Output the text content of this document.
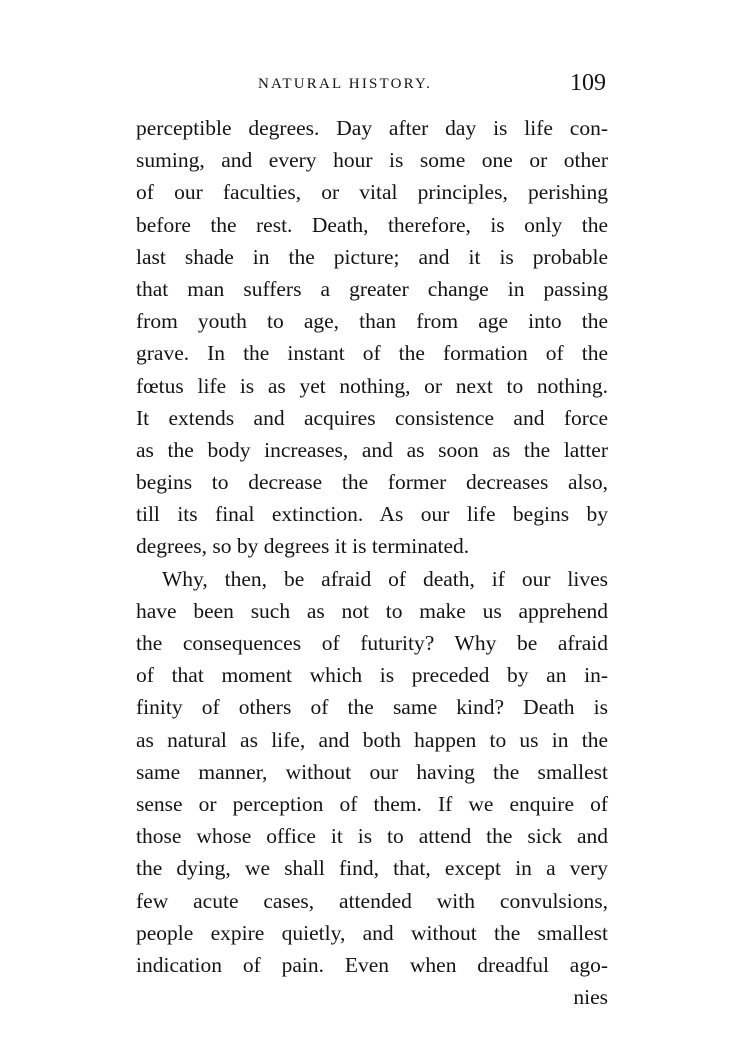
NATURAL HISTORY.	109
perceptible degrees. Day after day is life con-
suming, and every hour is some one or other
of our faculties, or vital principles, perishing
before the rest. Death, therefore, is only the
last shade in the picture; and it is probable
that man suffers a greater change in passing
from youth to age, than from age into the
grave. In the instant of the formation of the
fœtus life is as yet nothing, or next to nothing.
It extends and acquires consistence and force
as the body increases, and as soon as the latter
begins to decrease the former decreases also,
till its final extinction. As our life begins by
degrees, so by degrees it is terminated.
Why, then, be afraid of death, if our lives
have been such as not to make us apprehend
the consequences of futurity? Why be afraid
of that moment which is preceded by an in-
finity of others of the same kind? Death is
as natural as life, and both happen to us in the
same manner, without our having the smallest
sense or perception of them. If we enquire of
those whose office it is to attend the sick and
the dying, we shall find, that, except in a very
few acute cases, attended with convulsions,
people expire quietly, and without the smallest
indication of pain. Even when dreadful ago-
nies
